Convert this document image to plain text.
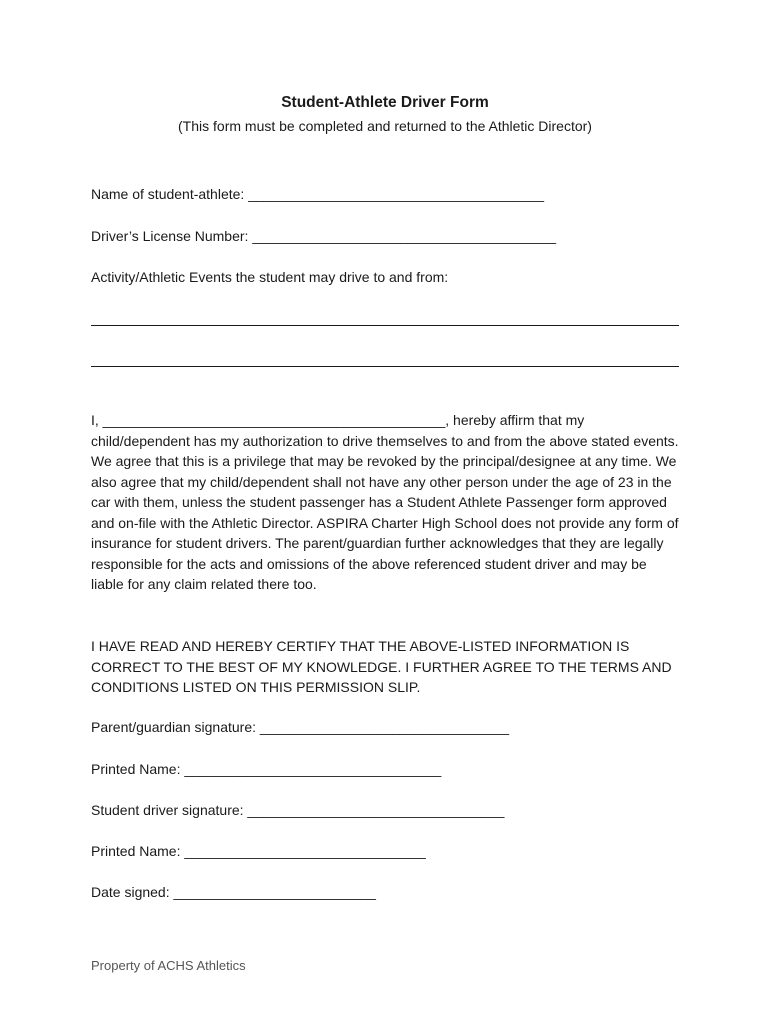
Student-Athlete Driver Form
(This form must be completed and returned to the Athletic Director)
Name of student-athlete: ______________________________________
Driver’s License Number: _______________________________________
Activity/Athletic Events the student may drive to and from:
I, ____________________________________________, hereby affirm that my child/dependent has my authorization to drive themselves to and from the above stated events. We agree that this is a privilege that may be revoked by the principal/designee at any time. We also agree that my child/dependent shall not have any other person under the age of 23 in the car with them, unless the student passenger has a Student Athlete Passenger form approved and on-file with the Athletic Director. ASPIRA Charter High School does not provide any form of insurance for student drivers. The parent/guardian further acknowledges that they are legally responsible for the acts and omissions of the above referenced student driver and may be liable for any claim related there too.
I HAVE READ AND HEREBY CERTIFY THAT THE ABOVE-LISTED INFORMATION IS CORRECT TO THE BEST OF MY KNOWLEDGE. I FURTHER AGREE TO THE TERMS AND CONDITIONS LISTED ON THIS PERMISSION SLIP.
Parent/guardian signature: ________________________________
Printed Name: _________________________________
Student driver signature: _________________________________
Printed Name: _______________________________
Date signed: __________________________
Property of ACHS Athletics
